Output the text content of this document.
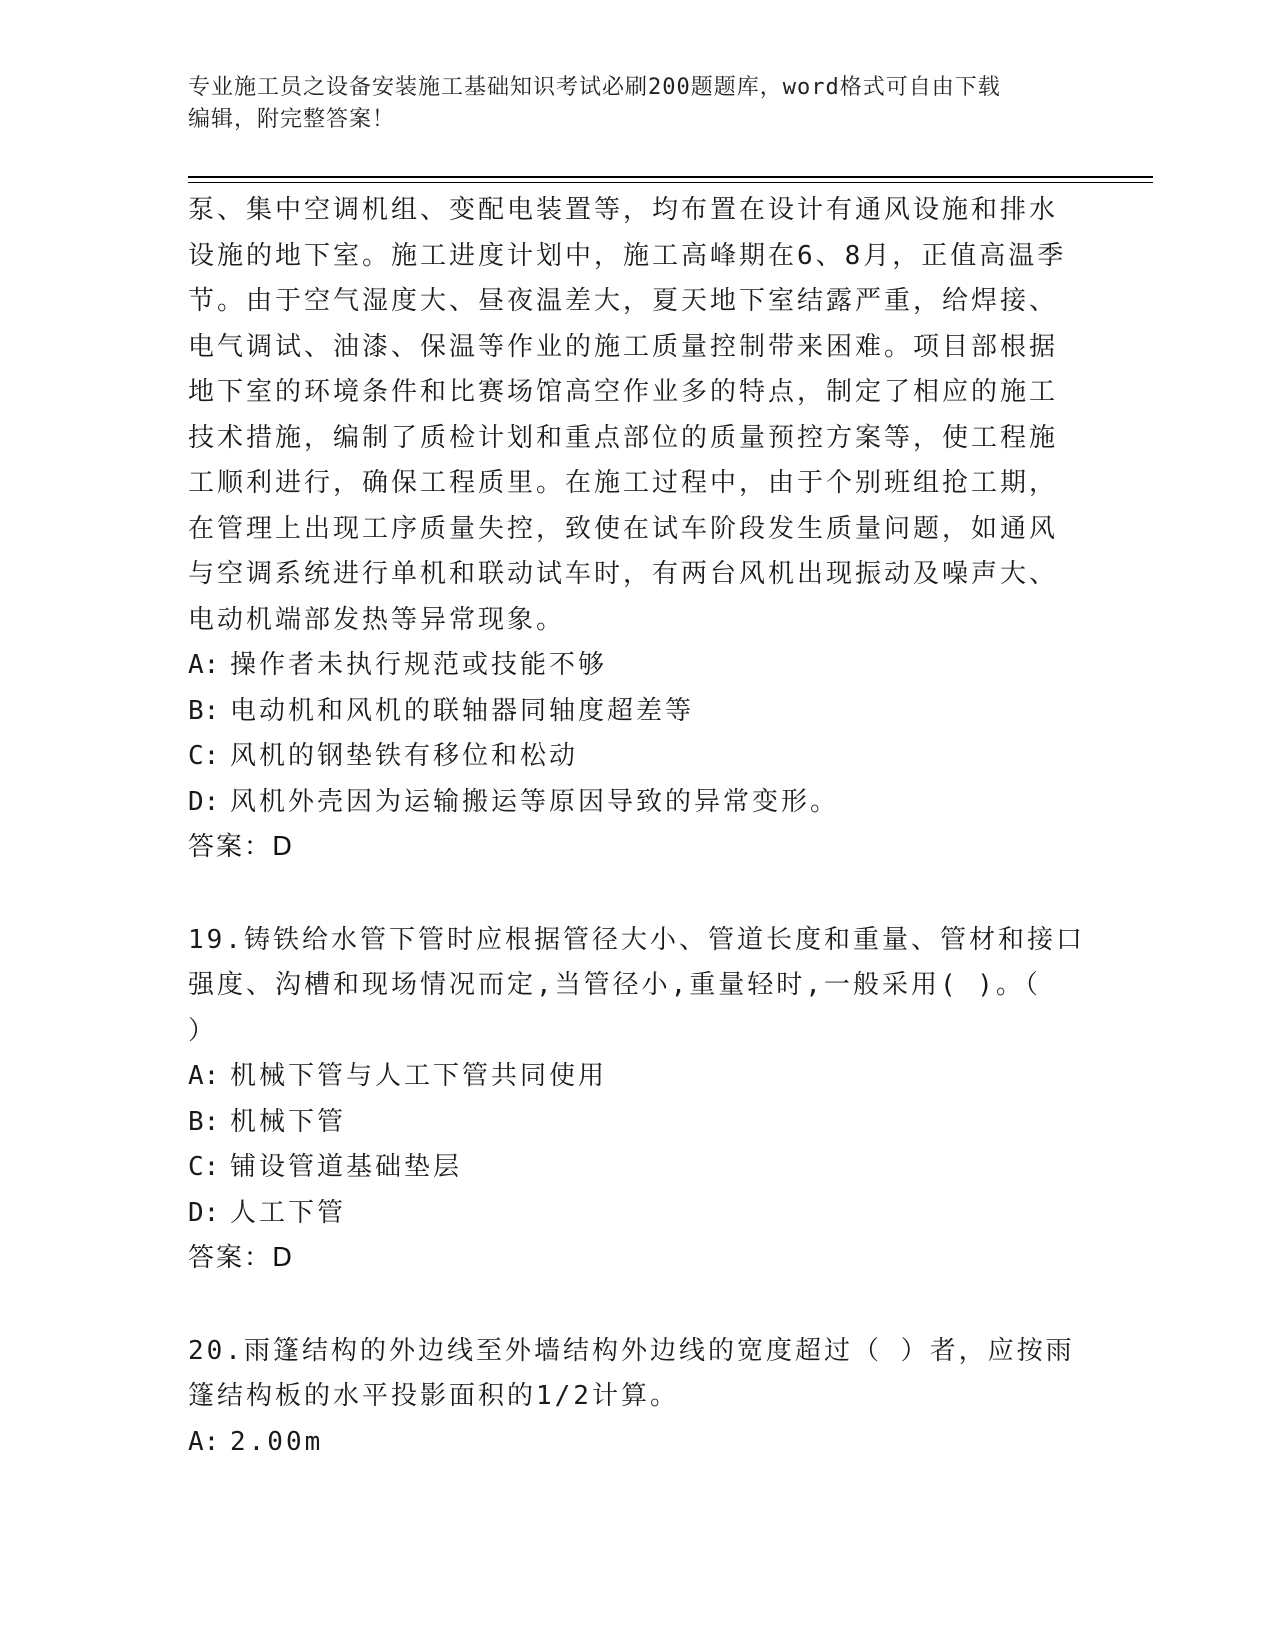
专业施工员之设备安装施工基础知识考试必刷200题题库，word格式可自由下载
编辑，附完整答案！
泵、集中空调机组、变配电装置等，均布置在设计有通风设施和排水
设施的地下室。施工进度计划中，施工高峰期在6、8月，正值高温季
节。由于空气湿度大、昼夜温差大，夏天地下室结露严重，给焊接、
电气调试、油漆、保温等作业的施工质量控制带来困难。项目部根据
地下室的环境条件和比赛场馆高空作业多的特点，制定了相应的施工
技术措施，编制了质检计划和重点部位的质量预控方案等，使工程施
工顺利进行，确保工程质里。在施工过程中，由于个别班组抢工期，
在管理上出现工序质量失控，致使在试车阶段发生质量问题，如通风
与空调系统进行单机和联动试车时，有两台风机出现振动及噪声大、
电动机端部发热等异常现象。
A: 操作者未执行规范或技能不够
B: 电动机和风机的联轴器同轴度超差等
C: 风机的钢垫铁有移位和松动
D: 风机外壳因为运输搬运等原因导致的异常变形。
答案：D
19.铸铁给水管下管时应根据管径大小、管道长度和重量、管材和接口
强度、沟槽和现场情况而定,当管径小,重量轻时,一般采用( )。（
）
A: 机械下管与人工下管共同使用
B: 机械下管
C: 铺设管道基础垫层
D: 人工下管
答案：D
20.雨篷结构的外边线至外墙结构外边线的宽度超过（ ）者，应按雨
篷结构板的水平投影面积的1/2计算。
A: 2.00m
